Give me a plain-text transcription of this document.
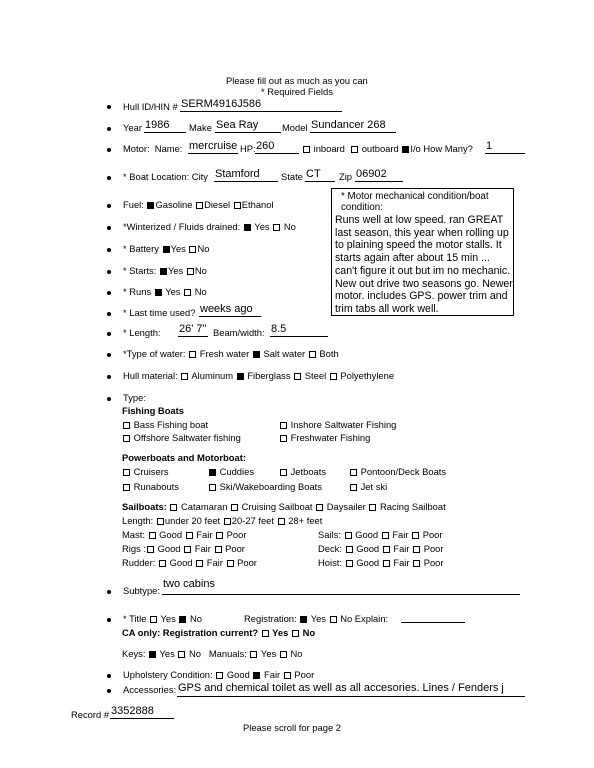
Please fill out as much as you can
* Required Fields
Hull ID/HIN # SERM4916J586
Year 1986 Make Sea Ray	Model Sundancer 268
Motor: Name: mercruise HP: 260	inboard outboard I/o How Many? 1
* Boat Location: City Stamford State CT Zip 06902
Fuel: Gasoline Diesel Ethanol
*Winterized / Fluids drained: Yes No
* Battery Yes No
* Starts: Yes No
* Runs Yes No
* Last time used? weeks ago
* Length: 26' 7" Beam/width: 8.5
*Type of water: Fresh water Salt water Both
Hull material: Aluminum Fiberglass Steel Polyethylene
* Motor mechanical condition/boat condition:
Runs well at low speed. ran GREAT last season, this year when rolling up to plaining speed the motor stalls. It starts again after about 15 min ... can't figure it out but im no mechanic. New out drive two seasons go. Newer motor. includes GPS. power trim and trim tabs all work well.
Type:
Fishing Boats
Bass Fishing boat	Inshore Saltwater Fishing
Offshore Saltwater fishing	Freshwater Fishing
Powerboats and Motorboat:
Cruisers	Cuddies	Jetboats	Pontoon/Deck Boats
Runabouts	Ski/Wakeboarding Boats	Jet ski
Sailboats: Catamaran Cruising Sailboat Daysailer Racing Sailboat
Length: under 20 feet 20-27 feet 28+ feet
Mast: Good Fair Poor	Sails: Good Fair Poor
Rigs : Good Fair Poor	Deck: Good Fair Poor
Rudder: Good Fair Poor	Hoist: Good Fair Poor
Subtype:
two cabins
* Title Yes No	Registration: Yes No Explain:
CA only: Registration current? Yes No
Keys: Yes No Manuals: Yes No
Upholstery Condition: Good Fair Poor
Accessories: GPS and chemical toilet as well as all accesories. Lines / Fenders j
Record # 3352888
Please scroll for page 2
